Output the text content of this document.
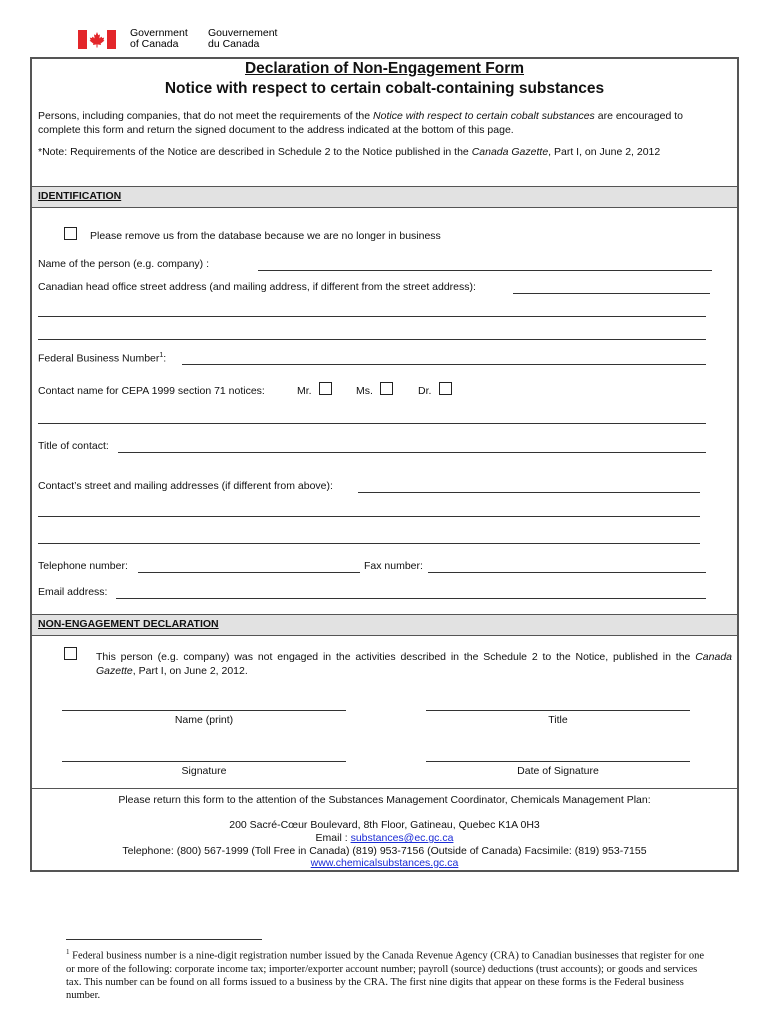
Government
of Canada
Gouvernement
du Canada
Declaration of Non-Engagement Form
Notice with respect to certain cobalt-containing substances
Persons, including companies, that do not meet the requirements of the Notice with respect to certain cobalt substances are encouraged to complete this form and return the signed document to the address indicated at the bottom of this page.
*Note: Requirements of the Notice are described in Schedule 2 to the Notice published in the Canada Gazette, Part I, on June 2, 2012
IDENTIFICATION
Please remove us from the database because we are no longer in business
Name of the person (e.g. company) :
Canadian head office street address (and mailing address, if different from the street address):
Federal Business Number$^1$:
Contact name for CEPA 1999 section 71 notices:	Mr.	Ms.	Dr.
Title of contact:
Contact’s street and mailing addresses (if different from above):
Telephone number:	Fax number:
Email address:
NON-ENGAGEMENT DECLARATION
This person (e.g. company) was not engaged in the activities described in the Schedule 2 to the Notice, published in the Canada Gazette, Part I, on June 2, 2012.
Name (print)	Title
Signature	Date of Signature
Please return this form to the attention of the Substances Management Coordinator, Chemicals Management Plan:
200 Sacré-Cœur Boulevard, 8th Floor, Gatineau, Quebec K1A 0H3
Email : substances@ec.gc.ca
Telephone: (800) 567-1999 (Toll Free in Canada) (819) 953-7156 (Outside of Canada) Facsimile: (819) 953-7155
www.chemicalsubstances.gc.ca
$^1$ Federal business number is a nine-digit registration number issued by the Canada Revenue Agency (CRA) to Canadian businesses that register for one or more of the following: corporate income tax; importer/exporter account number; payroll (source) deductions (trust accounts); or goods and services tax. This number can be found on all forms issued to a business by the CRA. The first nine digits that appear on these forms is the Federal business number.
